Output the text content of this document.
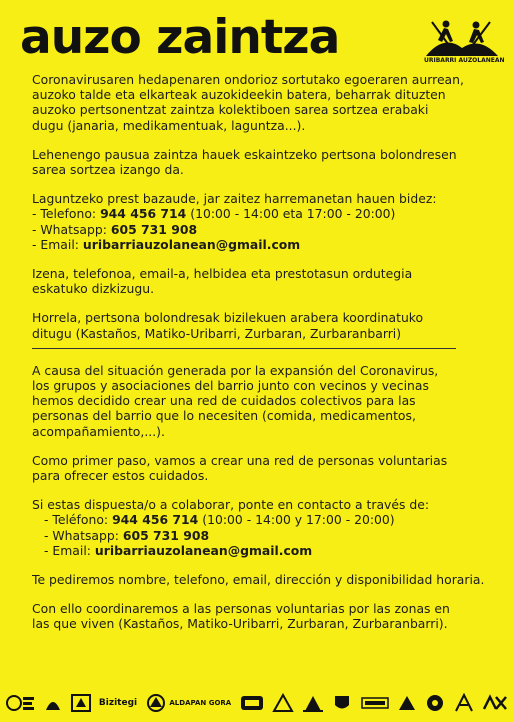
auzo zaintza	URIBARRI AUZOLANEAN
Coronavirusaren hedapenaren ondorioz sortutako egoeraren aurrean,
auzoko talde eta elkarteak auzokideekin batera, beharrak dituzten
auzoko pertsonentzat zaintza kolektiboen sarea sortzea erabaki
dugu (janaria, medikamentuak, laguntza...).
Lehenengo pausua zaintza hauek eskaintzeko pertsona bolondresen
sarea sortzea izango da.
Laguntzeko prest bazaude, jar zaitez harremanetan hauen bidez:
- Telefono: 944 456 714 (10:00 - 14:00 eta 17:00 - 20:00)
- Whatsapp: 605 731 908
- Email: uribarriauzolanean@gmail.com
Izena, telefonoa, email-a, helbidea eta prestotasun ordutegia
eskatuko dizkizugu.
Horrela, pertsona bolondresak bizilekuen arabera koordinatuko
ditugu (Kastaños, Matiko-Uribarri, Zurbaran, Zurbaranbarri)
A causa del situación generada por la expansión del Coronavirus,
los grupos y asociaciones del barrio junto con vecinos y vecinas
hemos decidido crear una red de cuidados colectivos para las
personas del barrio que lo necesiten (comida, medicamentos,
acompañamiento,...).
Como primer paso, vamos a crear una red de personas voluntarias
para ofrecer estos cuidados.
Si estas dispuesta/o a colaborar, ponte en contacto a través de:
- Teléfono: 944 456 714 (10:00 - 14:00 y 17:00 - 20:00)
- Whatsapp: 605 731 908
- Email: uribarriauzolanean@gmail.com
Te pediremos nombre, telefono, email, dirección y disponibilidad horaria.
Con ello coordinaremos a las personas voluntarias por las zonas en
las que viven (Kastaños, Matiko-Uribarri, Zurbaran, Zurbaranbarri).
Bizitegi	ALDAPAN GORA
